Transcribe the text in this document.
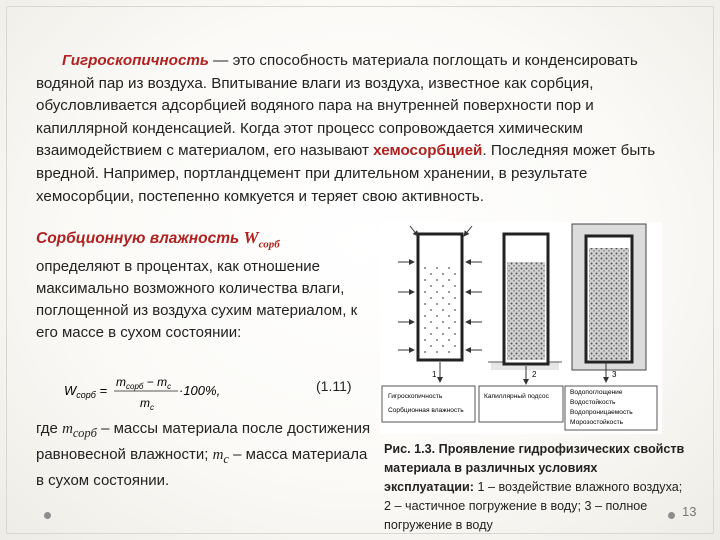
Гигроскопичность — это способность материала поглощать и конденсировать водяной пар из воздуха. Впитывание влаги из воздуха, известное как сорбция, обусловливается адсорбцией водяного пара на внутренней поверхности пор и капиллярной конденсацией. Когда этот процесс сопровождается химическим взаимодействием с материалом, его называют хемосорбцией. Последняя может быть вредной. Например, портландцемент при длительном хранении, в результате хемосорбции, постепенно комкуется и теряет свою активность.
Сорбционную влажность $W_{сорб}$
определяют в процентах, как отношение максимально возможного количества влаги, поглощенной из воздуха сухим материалом, к его массе в сухом состоянии:
$W_{сорб}$ =
$m_{сорб} - m_c$
$m_c$
·100%,	(1.11)
где $m_{сорб}$ – массы материала после достижения равновесной влажности; $m_с$ – масса материала в сухом состоянии.
1	2	3
Гигроскопичность
Сорбционная влажность
Капиллярный подсос
Водопоглощение
Водостойкость
Водопроницаемость
Морозостойкость
Рис. 1.3. Проявление гидрофизических свойств материала в различных условиях эксплуатации: 1 – воздействие влажного воздуха; 2 – частичное погружение в воду; 3 – полное погружение в воду
13
